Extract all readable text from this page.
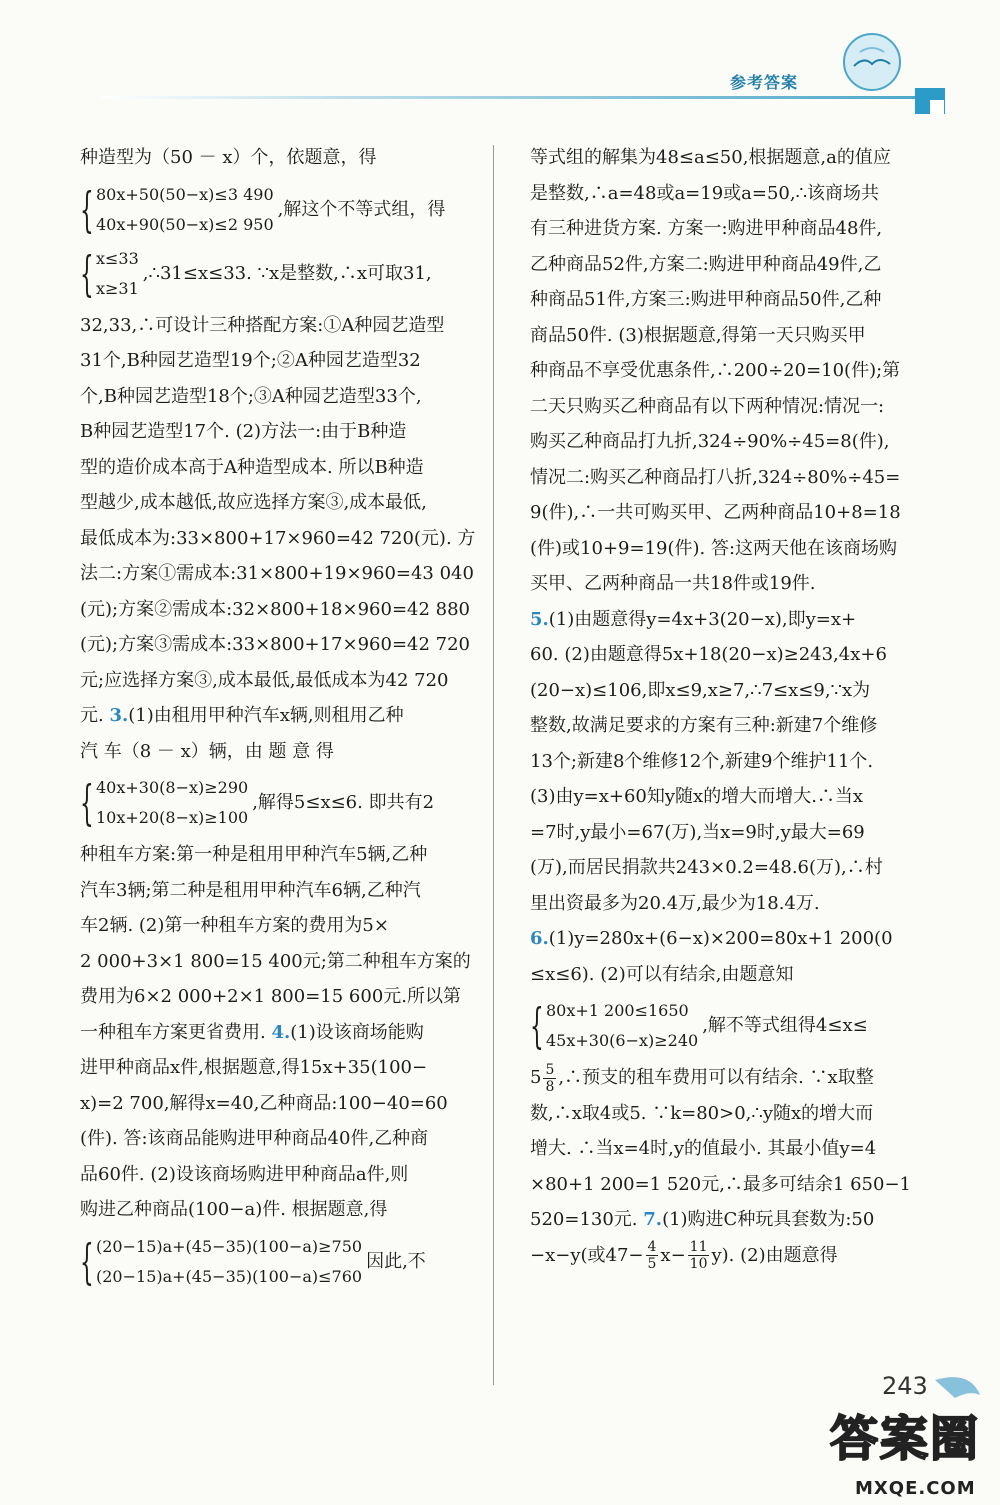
参考答案
种造型为（50 － x）个，依题意，得
{ 80x+50(50−x)≤3 490
40x+90(50−x)≤2 950
,解这个不等式组，得
{ x≤33
x≥31
,∴31≤x≤33. ∵x是整数,∴x可取31,
32,33,∴可设计三种搭配方案:①A种园艺造型
31个,B种园艺造型19个;②A种园艺造型32
个,B种园艺造型18个;③A种园艺造型33个,
B种园艺造型17个. (2)方法一:由于B种造
型的造价成本高于A种造型成本. 所以B种造
型越少,成本越低,故应选择方案③,成本最低,
最低成本为:33×800+17×960=42 720(元). 方
法二:方案①需成本:31×800+19×960=43 040
(元);方案②需成本:32×800+18×960=42 880
(元);方案③需成本:33×800+17×960=42 720
元;应选择方案③,成本最低,最低成本为42 720
元. 3.(1)由租用甲种汽车x辆,则租用乙种
汽 车（8 － x）辆，由 题 意 得
{ 40x+30(8−x)≥290
10x+20(8−x)≥100
,解得5≤x≤6. 即共有2
种租车方案:第一种是租用甲种汽车5辆,乙种
汽车3辆;第二种是租用甲种汽车6辆,乙种汽
车2辆. (2)第一种租车方案的费用为5×
2 000+3×1 800=15 400元;第二种租车方案的
费用为6×2 000+2×1 800=15 600元.所以第
一种租车方案更省费用. 4.(1)设该商场能购
进甲种商品x件,根据题意,得15x+35(100−
x)=2 700,解得x=40,乙种商品:100−40=60
(件). 答:该商品能购进甲种商品40件,乙种商
品60件. (2)设该商场购进甲种商品a件,则
购进乙种商品(100−a)件. 根据题意,得
{ (20−15)a+(45−35)(100−a)≥750
(20−15)a+(45−35)(100−a)≤760
因此,不
等式组的解集为48≤a≤50,根据题意,a的值应
是整数,∴a=48或a=19或a=50,∴该商场共
有三种进货方案. 方案一:购进甲种商品48件,
乙种商品52件,方案二:购进甲种商品49件,乙
种商品51件,方案三:购进甲种商品50件,乙种
商品50件. (3)根据题意,得第一天只购买甲
种商品不享受优惠条件,∴200÷20=10(件);第
二天只购买乙种商品有以下两种情况:情况一:
购买乙种商品打九折,324÷90%÷45=8(件),
情况二:购买乙种商品打八折,324÷80%÷45=
9(件),∴一共可购买甲、乙两种商品10+8=18
(件)或10+9=19(件). 答:这两天他在该商场购
买甲、乙两种商品一共18件或19件.
5.(1)由题意得y=4x+3(20−x),即y=x+
60. (2)由题意得5x+18(20−x)≥243,4x+6
(20−x)≤106,即x≤9,x≥7,∴7≤x≤9,∵x为
整数,故满足要求的方案有三种:新建7个维修
13个;新建8个维修12个,新建9个维护11个.
(3)由y=x+60知y随x的增大而增大.∴当x
=7时,y最小=67(万),当x=9时,y最大=69
(万),而居民捐款共243×0.2=48.6(万),∴村
里出资最多为20.4万,最少为18.4万.
6.(1)y=280x+(6−x)×200=80x+1 200(0
≤x≤6). (2)可以有结余,由题意知
{ 80x+1 200≤1650
45x+30(6−x)≥240
,解不等式组得4≤x≤
$5 \frac{5}{8}$ ,∴预支的租车费用可以有结余. ∵x取整
数,∴x取4或5. ∵k=80>0,∴y随x的增大而
增大. ∴当x=4时,y的值最小. 其最小值y=4
×80+1 200=1 520元,∴最多可结余1 650−1
520=130元. 7.(1)购进C种玩具套数为:50
−x−y(或$47- \frac{4}{5} x- \frac{11}{10} y$). (2)由题意得
243
答案圈
MXQE.COM
